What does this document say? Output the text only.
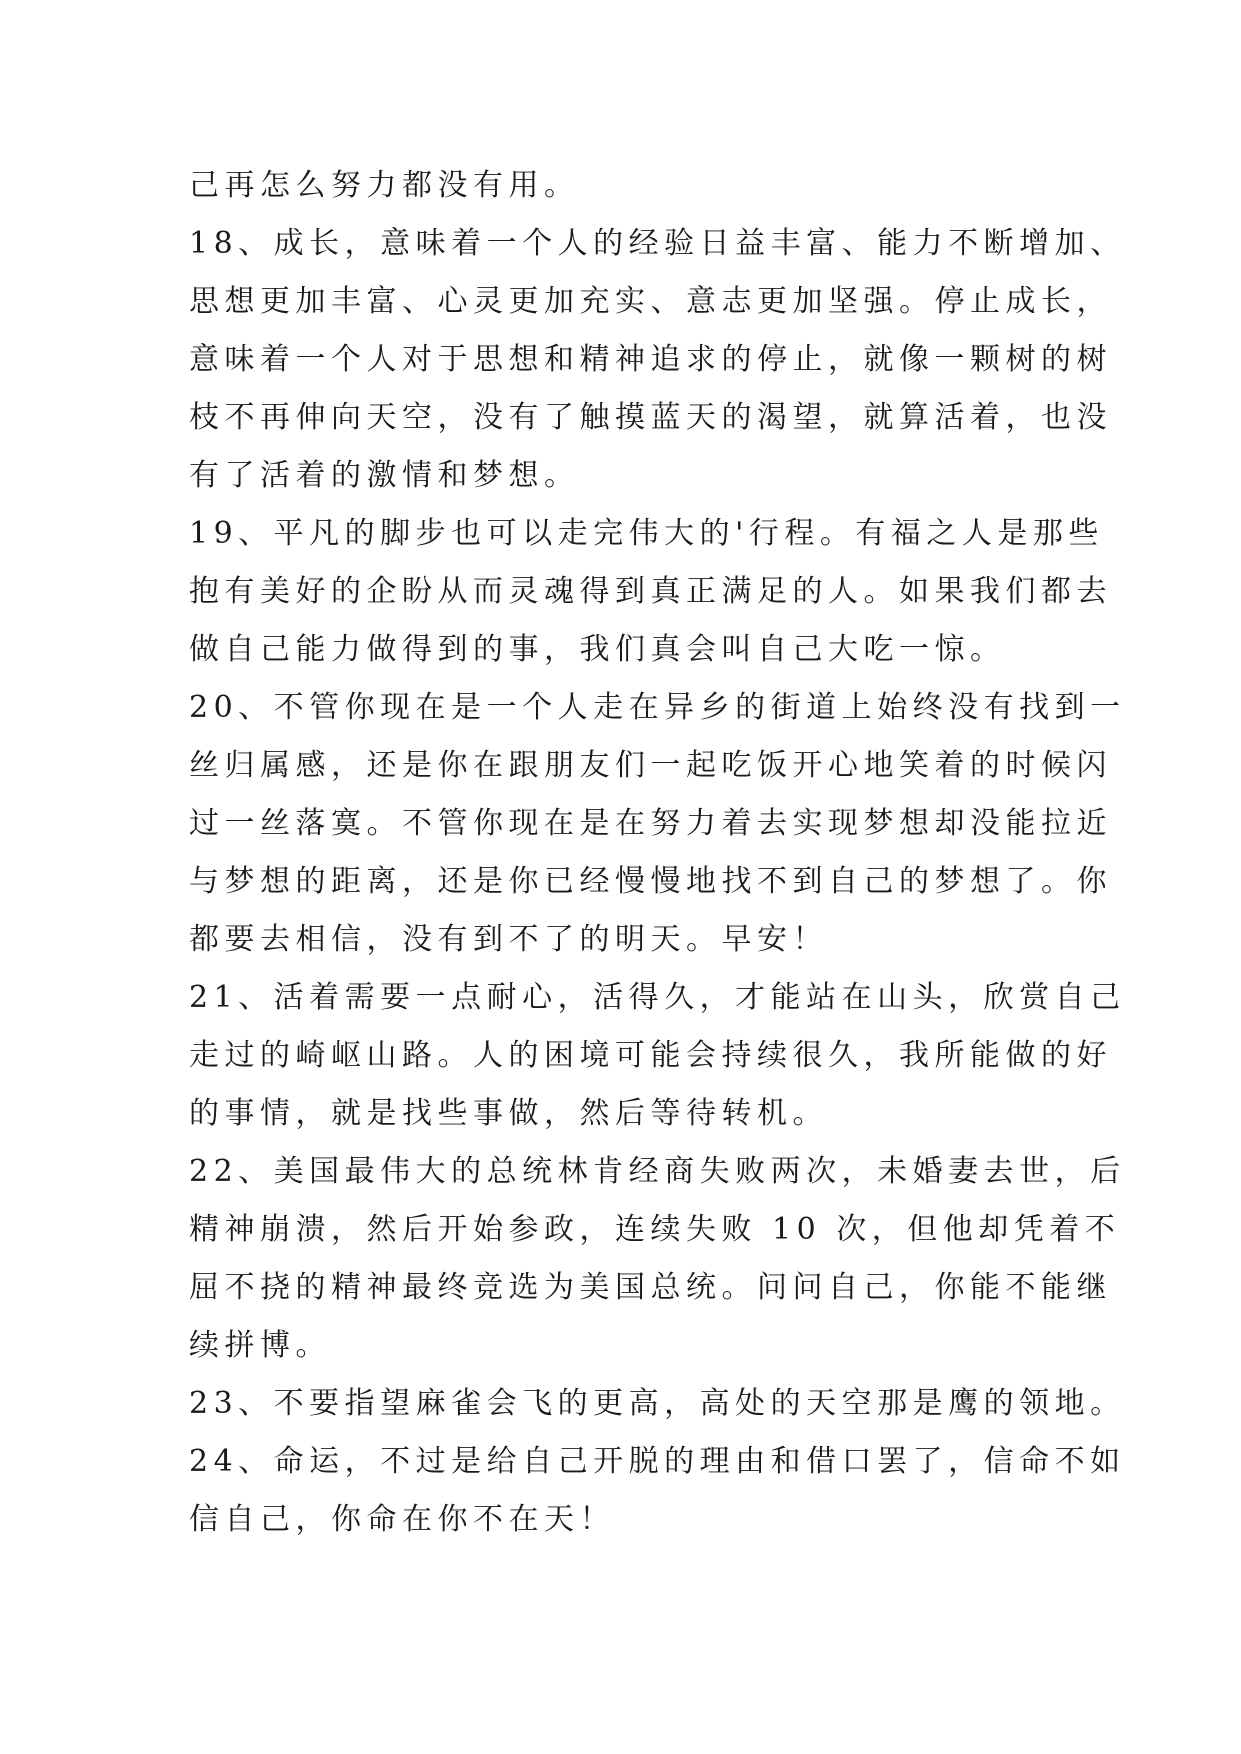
己再怎么努力都没有用。
18、成长，意味着一个人的经验日益丰富、能力不断增加、
思想更加丰富、心灵更加充实、意志更加坚强。停止成长，
意味着一个人对于思想和精神追求的停止，就像一颗树的树
枝不再伸向天空，没有了触摸蓝天的渴望，就算活着，也没
有了活着的激情和梦想。
19、平凡的脚步也可以走完伟大的'行程。有福之人是那些
抱有美好的企盼从而灵魂得到真正满足的人。如果我们都去
做自己能力做得到的事，我们真会叫自己大吃一惊。
20、不管你现在是一个人走在异乡的街道上始终没有找到一
丝归属感，还是你在跟朋友们一起吃饭开心地笑着的时候闪
过一丝落寞。不管你现在是在努力着去实现梦想却没能拉近
与梦想的距离，还是你已经慢慢地找不到自己的梦想了。你
都要去相信，没有到不了的明天。早安！
21、活着需要一点耐心，活得久，才能站在山头，欣赏自己
走过的崎岖山路。人的困境可能会持续很久，我所能做的好
的事情，就是找些事做，然后等待转机。
22、美国最伟大的总统林肯经商失败两次，未婚妻去世，后
精神崩溃，然后开始参政，连续失败 10 次，但他却凭着不
屈不挠的精神最终竞选为美国总统。问问自己，你能不能继
续拼博。
23、不要指望麻雀会飞的更高，高处的天空那是鹰的领地。
24、命运，不过是给自己开脱的理由和借口罢了，信命不如
信自己，你命在你不在天！
